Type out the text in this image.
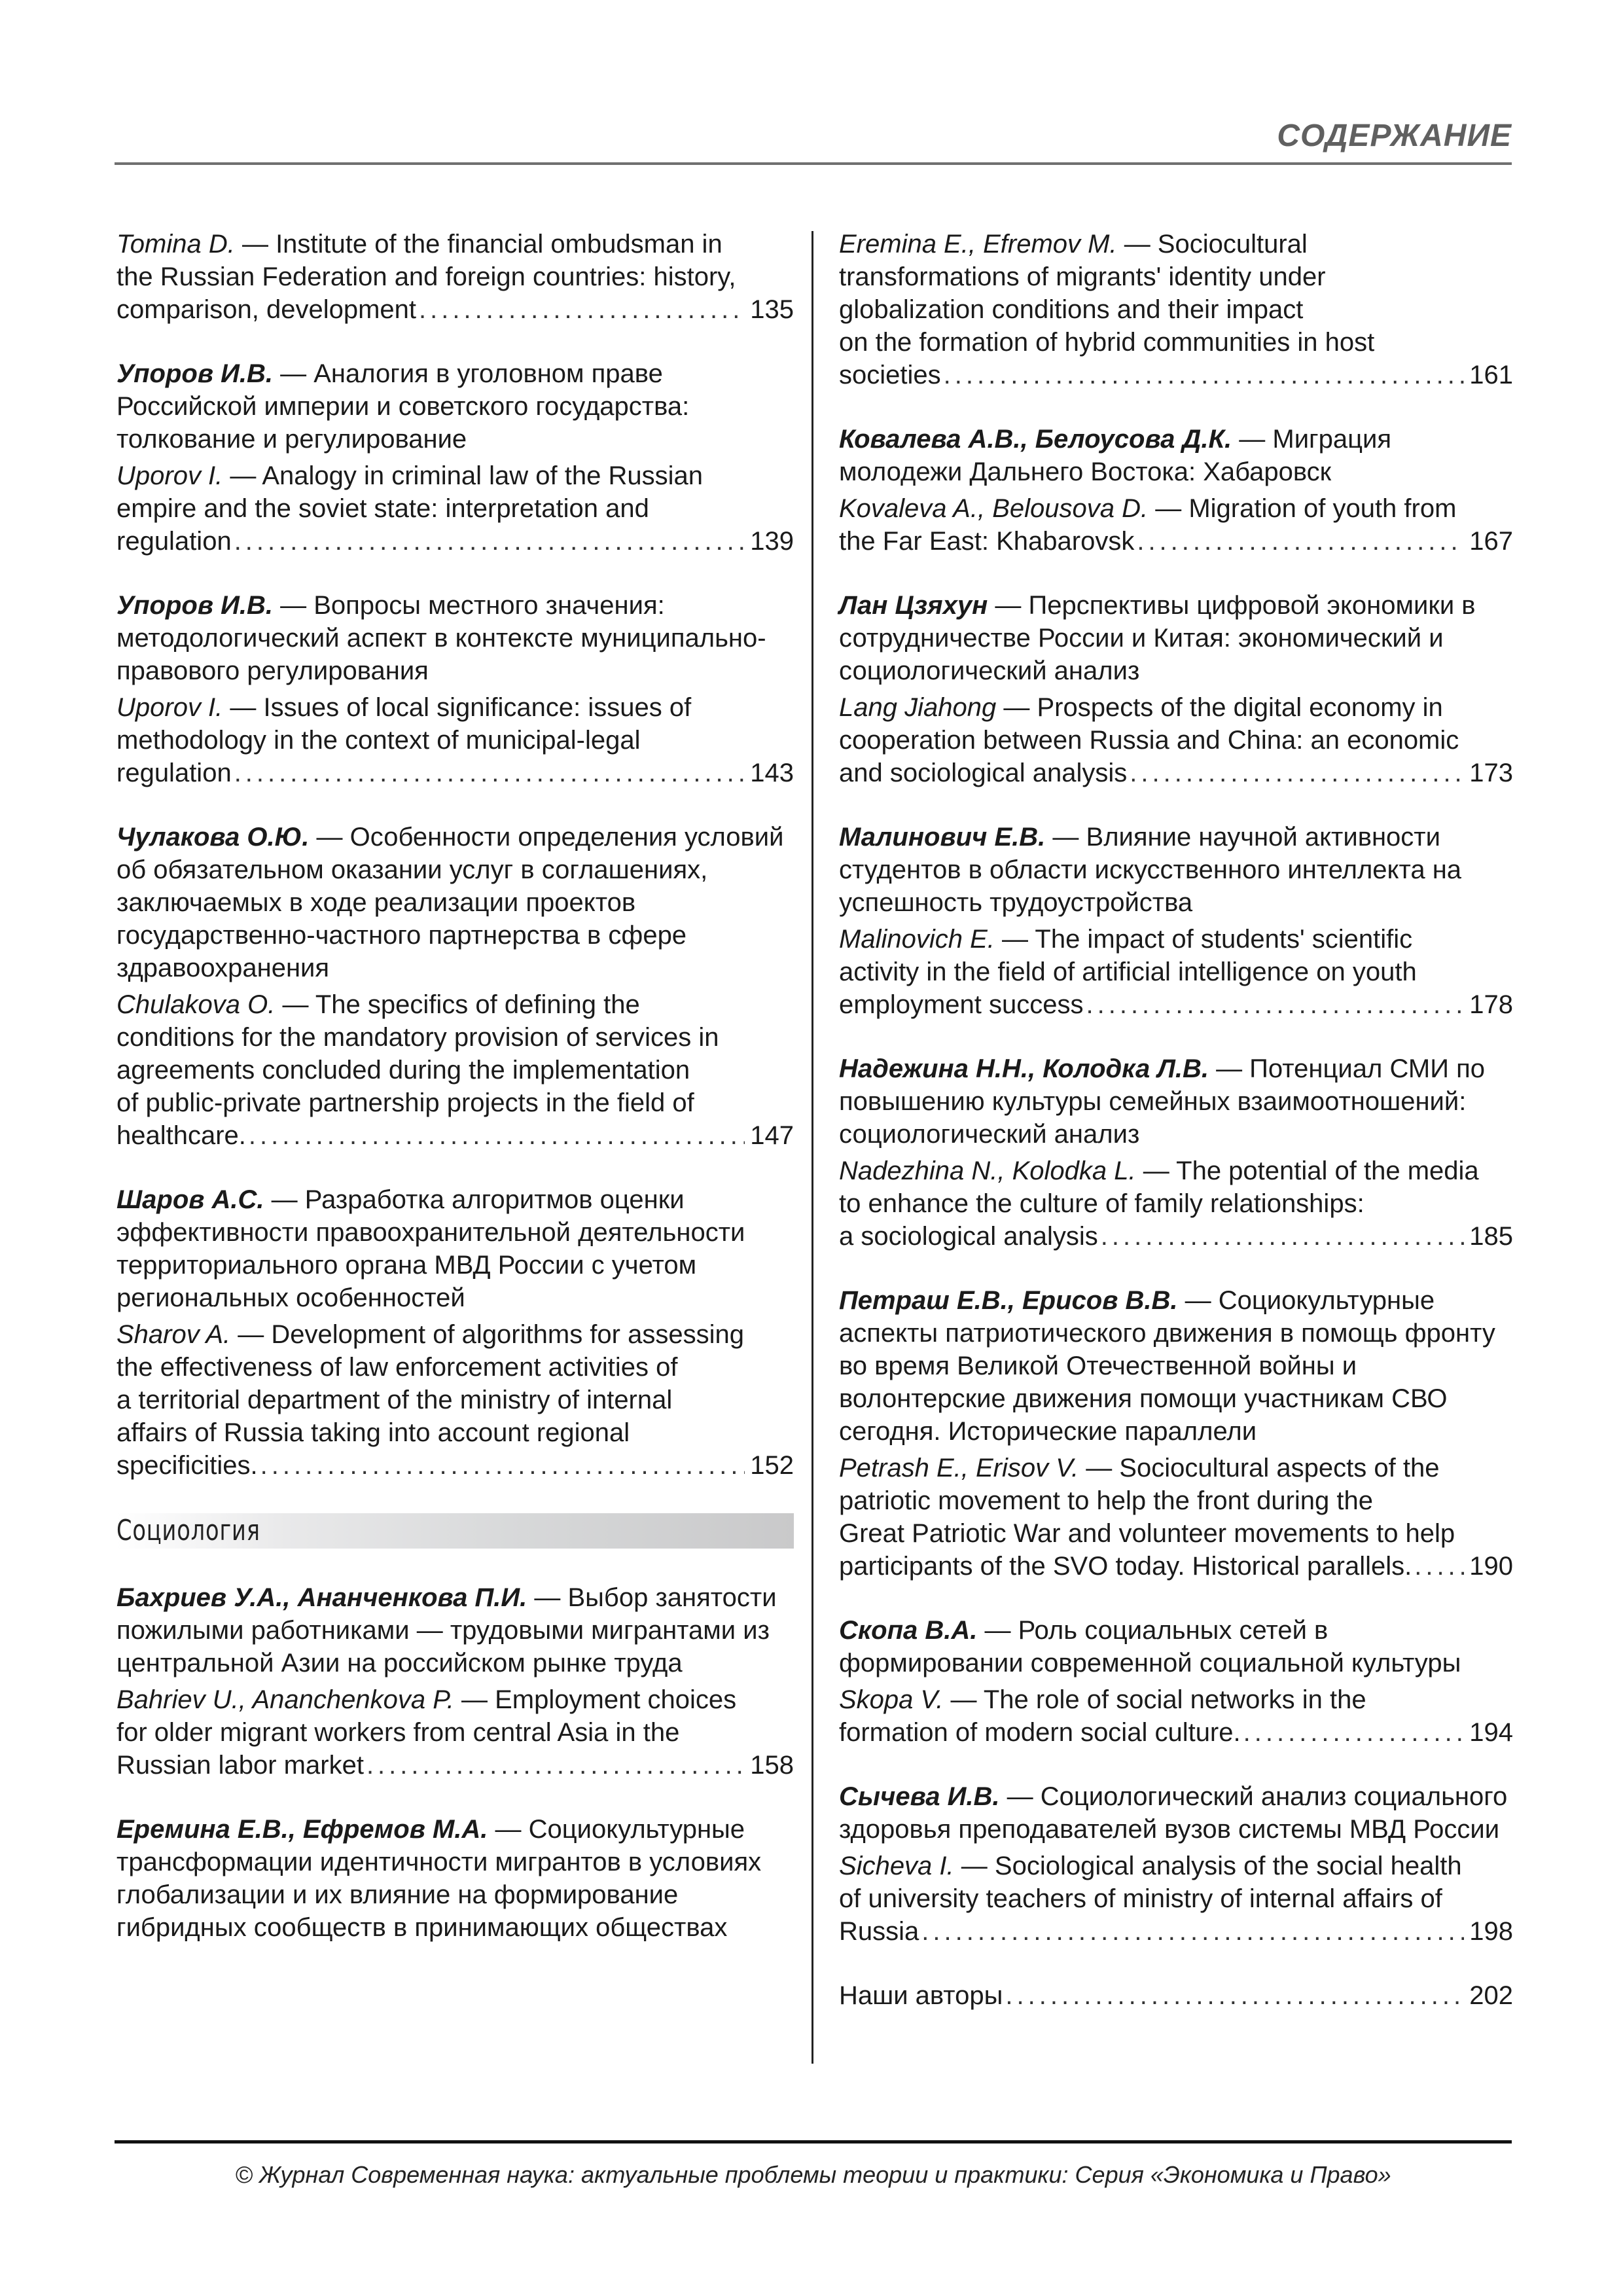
СОДЕРЖАНИЕ

Tomina D. — Institute of the financial ombudsman in
the Russian Federation and foreign countries: history,

comparison, development .....	135

Упоров И.В. — Аналогия в уголовном праве Российской империи и советского государства: толкование и регулирование

Uporov I. — Analogy in criminal law of the Russian
empire and the soviet state: interpretation and

regulation .....	139

Упоров И.В. — Вопросы местного значения: методологический аспект в контексте муниципально-правового регулирования

Uporov I. — Issues of local significance: issues of
methodology in the context of municipal-legal

regulation .....	143

Чулакова О.Ю. — Особенности определения условий об обязательном оказании услуг в соглашениях, заключаемых в ходе реализации проектов государственно-частного партнерства в сфере здравоохранения

Chulakova O. — The specifics of defining the
conditions for the mandatory provision of services in
agreements concluded during the implementation
of public-private partnership projects in the field of

healthcare. .....	147

Шаров А.С. — Разработка алгоритмов оценки эффективности правоохранительной деятельности территориального органа МВД России с учетом региональных особенностей

Sharov A. — Development of algorithms for assessing
the effectiveness of law enforcement activities of
a territorial department of the ministry of internal
affairs of Russia taking into account regional

specificities. .....	152
Социология

Бахриев У.А., Ананченкова П.И. — Выбор занятости пожилыми работниками — трудовыми мигрантами из центральной Азии на российском рынке труда

Bahriev U., Ananchenkova P. — Employment choices
for older migrant workers from central Asia in the

Russian labor market .....	158

Еремина Е.В., Ефремов М.А. — Социокультурные трансформации идентичности мигрантов в условиях глобализации и их влияние на формирование гибридных сообществ в принимающих обществах

Eremina E., Efremov M. — Sociocultural
transformations of migrants' identity under
globalization conditions and their impact
on the formation of hybrid communities in host

societies .....	161

Ковалева А.В., Белоусова Д.К. — Миграция молодежи Дальнего Востока: Хабаровск

Kovaleva A., Belousova D. — Migration of youth from

the Far East: Khabarovsk .....	167

Лан Цзяхун — Перспективы цифровой экономики в сотрудничестве России и Китая: экономический и социологический анализ

Lang Jiahong — Prospects of the digital economy in
cooperation between Russia and China: an economic

and sociological analysis .....	173

Малинович Е.В. — Влияние научной активности студентов в области искусственного интеллекта на успешность трудоустройства

Malinovich E. — The impact of students' scientific
activity in the field of artificial intelligence on youth

employment success .....	178

Надежина Н.Н., Колодка Л.В. — Потенциал СМИ по повышению культуры семейных взаимоотношений: социологический анализ

Nadezhina N., Kolodka L. — The potential of the media
to enhance the culture of family relationships:

a sociological analysis .....	185

Петраш Е.В., Ерисов В.В. — Социокультурные аспекты патриотического движения в помощь фронту во время Великой Отечественной войны и волонтерские движения помощи участникам СВО сегодня. Исторические параллели

Petrash E., Erisov V. — Sociocultural aspects of the
patriotic movement to help the front during the
Great Patriotic War and volunteer movements to help

participants of the SVO today. Historical parallels. ..... 190

Скопа В.А. — Роль социальных сетей в формировании современной социальной культуры

Skopa V. — The role of social networks in the

formation of modern social culture. .....	194

Сычева И.В. — Социологический анализ социального здоровья преподавателей вузов системы МВД России

Sicheva I. — Sociological analysis of the social health
of university teachers of ministry of internal affairs of

Russia .....	198
Наши авторы .....	202
© Журнал Современная наука: актуальные проблемы теории и практики: Серия «Экономика и Право»
